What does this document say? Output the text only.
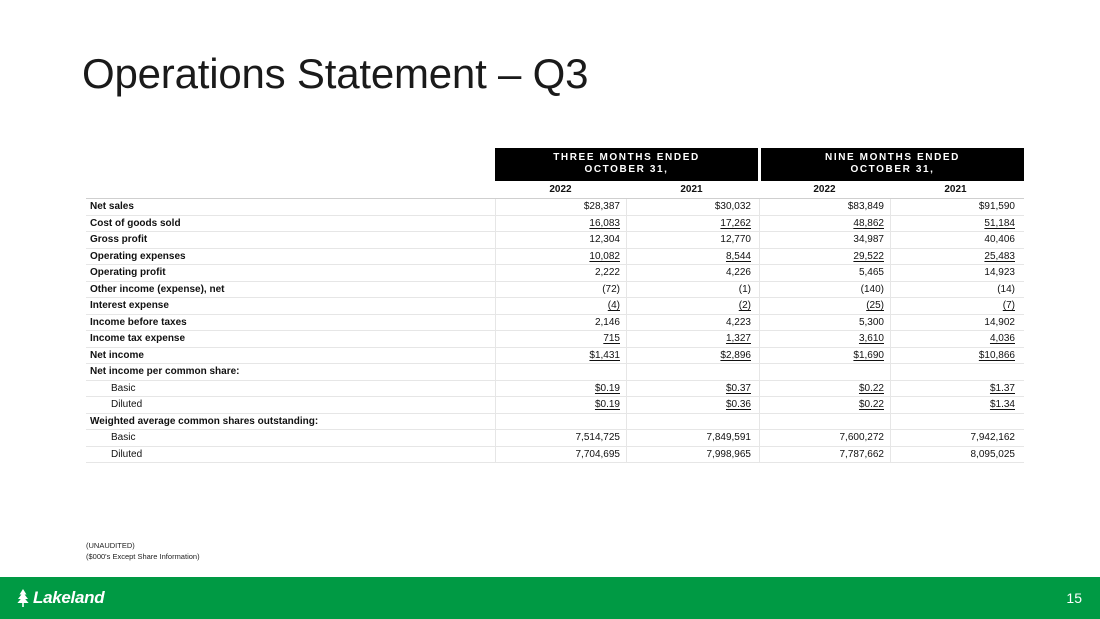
Operations Statement – Q3
THREE MONTHS ENDED
OCTOBER 31,
NINE MONTHS ENDED
OCTOBER 31,
2022	2021	2022	2021
Net sales	$28,387	$30,032	$83,849	$91,590
Cost of goods sold	16,083	17,262	48,862	51,184
Gross profit	12,304	12,770	34,987	40,406
Operating expenses	10,082	8,544	29,522	25,483
Operating profit	2,222	4,226	5,465	14,923
Other income (expense), net	(72)	(1)	(140)	(14)
Interest expense	(4)	(2)	(25)	(7)
Income before taxes	2,146	4,223	5,300	14,902
Income tax expense	715	1,327	3,610	4,036
Net income	$1,431	$2,896	$1,690	$10,866
Net income per common share:
Basic	$0.19	$0.37	$0.22	$1.37
Diluted	$0.19	$0.36	$0.22	$1.34
Weighted average common shares outstanding:
Basic	7,514,725	7,849,591	7,600,272	7,942,162
Diluted	7,704,695	7,998,965	7,787,662	8,095,025
(UNAUDITED)
($000's Except Share Information)
Lakeland	15
